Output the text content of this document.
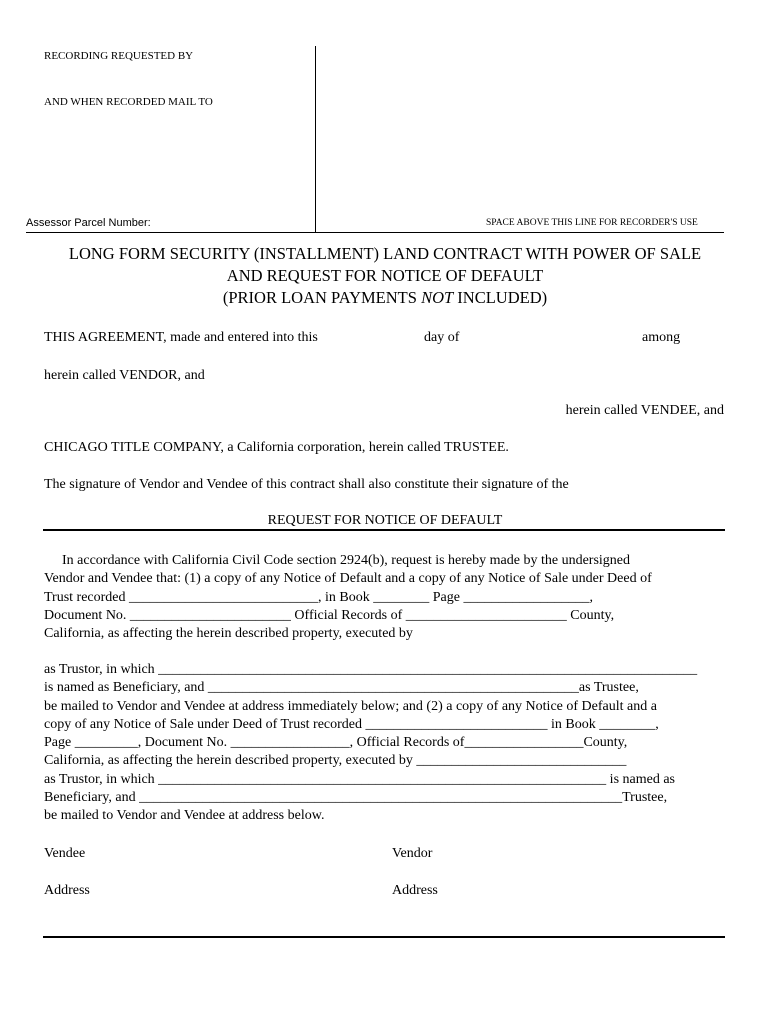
RECORDING REQUESTED BY
AND WHEN RECORDED MAIL TO
Assessor Parcel Number:	SPACE ABOVE THIS LINE FOR RECORDER'S USE
LONG FORM SECURITY (INSTALLMENT) LAND CONTRACT WITH POWER OF SALE
AND REQUEST FOR NOTICE OF DEFAULT
(PRIOR LOAN PAYMENTS NOT INCLUDED)
THIS AGREEMENT, made and entered into this	day of	among
herein called VENDOR, and
herein called VENDEE, and
CHICAGO TITLE COMPANY, a California corporation, herein called TRUSTEE.
The signature of Vendor and Vendee of this contract shall also constitute their signature of the
REQUEST FOR NOTICE OF DEFAULT
In accordance with California Civil Code section 2924(b), request is hereby made by the undersigned
Vendor and Vendee that: (1) a copy of any Notice of Default and a copy of any Notice of Sale under Deed of
Trust recorded ___________________________, in Book ________ Page __________________,
Document No. _______________________ Official Records of _______________________ County,
California, as affecting the herein described property, executed by
as Trustor, in which _____________________________________________________________________________
is named as Beneficiary, and _____________________________________________________as Trustee,
be mailed to Vendor and Vendee at address immediately below; and (2) a copy of any Notice of Default and a
copy of any Notice of Sale under Deed of Trust recorded __________________________ in Book ________,
Page _________, Document No. _________________, Official Records of_________________County,
California, as affecting the herein described property, executed by ______________________________
as Trustor, in which ________________________________________________________________ is named as
Beneficiary, and _____________________________________________________________________Trustee,
be mailed to Vendor and Vendee at address below.
Vendee	Vendor
Address	Address
